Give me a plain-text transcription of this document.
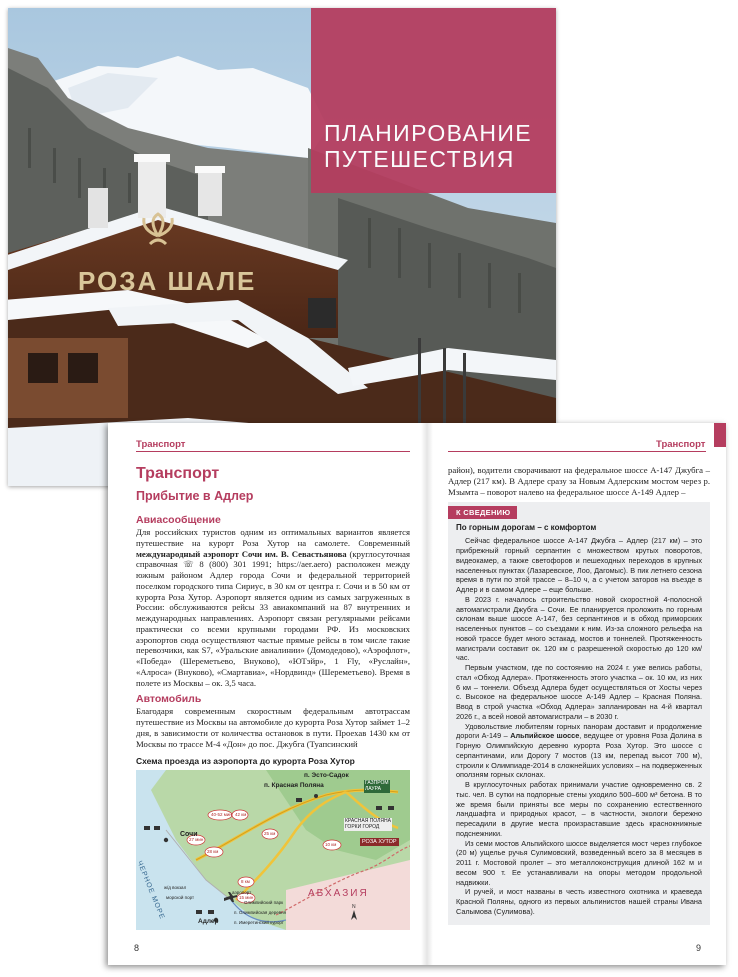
РОЗА ШАЛЕ
ПЛАНИРОВАНИЕ
ПУТЕШЕСТВИЯ
Транспорт
8
Транспорт
9
Транспорт
Прибытие в Адлер
Авиасообщение
Для российских туристов одним из оптимальных вариантов является путешествие на курорт Роза Хутор на самолете. Современный международный аэропорт Сочи им. В. Севастьянова (круглосуточная справочная ☏ 8 (800) 301 1991; https://aer.aero) расположен между южным районом Адлер города Сочи и федеральной территорией поселком городского типа Сириус, в 30 км от центра г. Сочи и в 50 км от курорта Роза Хутор. Аэропорт является одним из самых загруженных в России: обслуживаются рейсы 33 авиакомпаний на 87 внутренних и международных направлениях. Аэропорт связан регулярными рейсами практически со всеми крупными городами РФ. Из московских аэропортов сюда осуществляют частые прямые рейсы в том числе такие перевозчики, как S7, «Уральские авиалинии» (Домодедово), «Аэрофлот», «Победа» (Шереметьево, Внуково), «ЮТэйр», 1 Fly, «Руслайн», «Алроса» (Внуково), «Смартавиа», «Нордвинд» (Шереметьево). Время в полете из Москвы – ок. 3,5 часа.
Автомобиль
Благодаря современным скоростным федеральным автотрассам путешествие из Москвы на автомобиле до курорта Роза Хутор займет 1–2 дня, в зависимости от количества остановок в пути. Проехав 1430 км от Москвы по трассе М-4 «Дон» до пос. Джубга (Туапсинский
Схема проезда из аэропорта до курорта Роза Хутор
N
п. Эсто-Садок
п. Красная Поляна	ГАЗПРОМ
ЛАУРА
Сочи
КРАСНАЯ ПОЛЯНА
ГОРКИ ГОРОД
РОЗА ХУТОР
ЧЕРНОЕ МОРЕ	АБХАЗИЯ
Адлер
ж/д вокзал
морской порт
п. Олимпийская деревня
п. Имеретинский курорт
Олимпийский парк
аэропорт
40-52 мин 42 км
27 мин
28 км
25 км
8 км
15 мин
10 км
район), водители сворачивают на федеральное шоссе А-147 Джубга – Адлер (217 км). В Адлере сразу за Новым Адлерским мостом через р. Мзымта – поворот налево на федеральное шоссе А-149 Адлер –
К СВЕДЕНИЮ
По горным дорогам – с комфортом

Сейчас федеральное шоссе А-147 Джубга – Адлер (217 км) – это прибрежный горный серпантин с множеством крутых поворотов, видеокамер, а также светофоров и пешеходных переходов в крупных населенных пунктах (Лазаревское, Лоо, Дагомыс). В пик летнего сезона время в пути по этой трассе – 8–10 ч, а с учетом заторов на въезде в Адлер и в самом Адлере – еще больше.

В 2023 г. началось строительство новой скоростной 4-полосной автомагистрали Джубга – Сочи. Ее планируется проложить по горным склонам выше шоссе А-147, без серпантинов и в обход приморских населенных пунктов – со съездами к ним. Из-за сложного рельефа на новой трассе будет много эстакад, мостов и тоннелей. Протяженность магистрали составит ок. 120 км с разрешенной скоростью до 120 км/час.

Первым участком, где по состоянию на 2024 г. уже велись работы, стал «Обход Адлера». Протяженность этого участка – ок. 10 км, из них 6 км – тоннели. Объезд Адлера будет осуществляться от Хосты через с. Высокое на федеральное шоссе А-149 Адлер – Красная Поляна. Ввод в строй участка «Обход Адлера» запланирован на 4-й квартал 2026 г., а всей новой автомагистрали – в 2030 г.

Удовольствие любителям горных панорам доставит и продолжение дороги А-149 – Альпийское шоссе, ведущее от уровня Роза Долина в Горную Олимпийскую деревню курорта Роза Хутор. Это шоссе с серпантинами, или Дорогу 7 мостов (13 км, перепад высот 700 м), строили к Олимпиаде-2014 в сложнейших условиях – на подверженных оползням горных склонах.

В круглосуточных работах принимали участие одновременно св. 2 тыс. чел. В сутки на подпорные стены уходило 500–600 м³ бетона. В то же время были приняты все меры по сохранению естественного ландшафта и природных красот, – в частности, экологи бережно пересадили в другие места произраставшие здесь краснокнижные подснежники.

Из семи мостов Альпийского шоссе выделяется мост через глубокое (20 м) ущелье ручья Сулимовский, возведенный всего за 8 месяцев в 2011 г. Мостовой пролет – это металлоконструкция длиной 162 м и весом 900 т. Ее устанавливали на опоры методом продольной надвижки.

И ручей, и мост названы в честь известного охотника и краеведа Красной Поляны, одного из первых альпинистов нашей страны Ивана Салымова (Сулимова).
